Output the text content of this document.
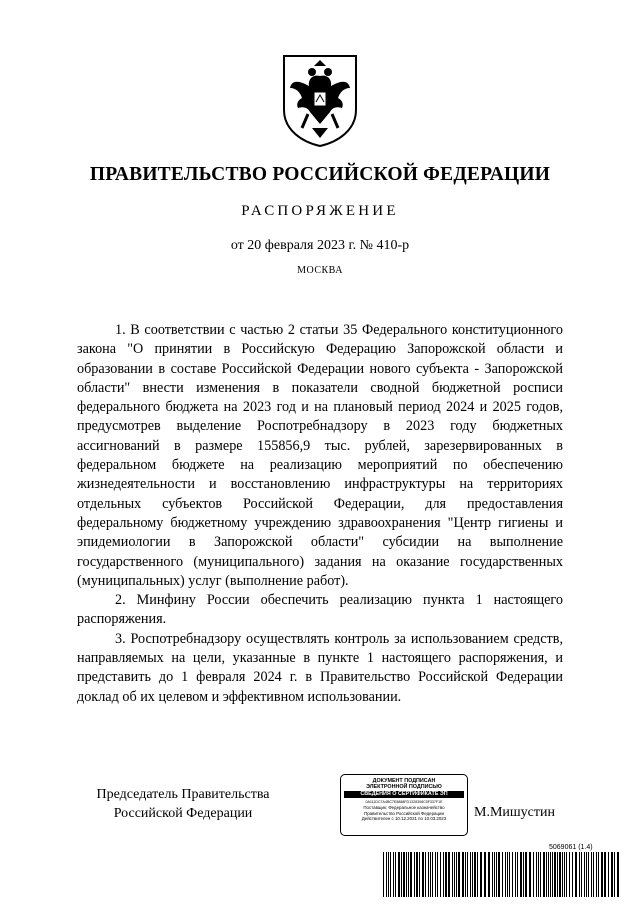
ПРАВИТЕЛЬСТВО РОССИЙСКОЙ ФЕДЕРАЦИИ
РАСПОРЯЖЕНИЕ
от 20 февраля 2023 г. № 410-р
МОСКВА

1. В соответствии с частью 2 статьи 35 Федерального конституционного закона "О принятии в Российскую Федерацию Запорожской области и образовании в составе Российской Федерации нового субъекта - Запорожской области" внести изменения в показатели сводной бюджетной росписи федерального бюджета на 2023 год и на плановый период 2024 и 2025 годов, предусмотрев выделение Роспотребнадзору в 2023 году бюджетных ассигнований в размере 155856,9 тыс. рублей, зарезервированных в федеральном бюджете на реализацию мероприятий по обеспечению жизнедеятельности и восстановлению инфраструктуры на территориях отдельных субъектов Российской Федерации, для предоставления федеральному бюджетному учреждению здравоохранения "Центр гигиены и эпидемиологии в Запорожской области" субсидии на выполнение государственного (муниципального) задания на оказание государственных (муниципальных) услуг (выполнение работ).

2. Минфину России обеспечить реализацию пункта 1 настоящего распоряжения.

3. Роспотребнадзору осуществлять контроль за использованием средств, направляемых на цели, указанные в пункте 1 настоящего распоряжения, и представить до 1 февраля 2024 г. в Правительство Российской Федерации доклад об их целевом и эффективном использовании.

Председатель Правительства
Российской Федерации
ДОКУМЕНТ ПОДПИСАН
ЭЛЕКТРОННОЙ ПОДПИСЬЮ
СВЕДЕНИЯ О СЕРТИФИКАТЕ ЭП
0A111DC7A4BC7E8888FD1328308C5F337F1E
Поставщик: Федеральное казначейство
Правительство Российской Федерации
Действителен с 10.12.2021 по 10.03.2023	М.Мишустин
5069061 (1.4)
